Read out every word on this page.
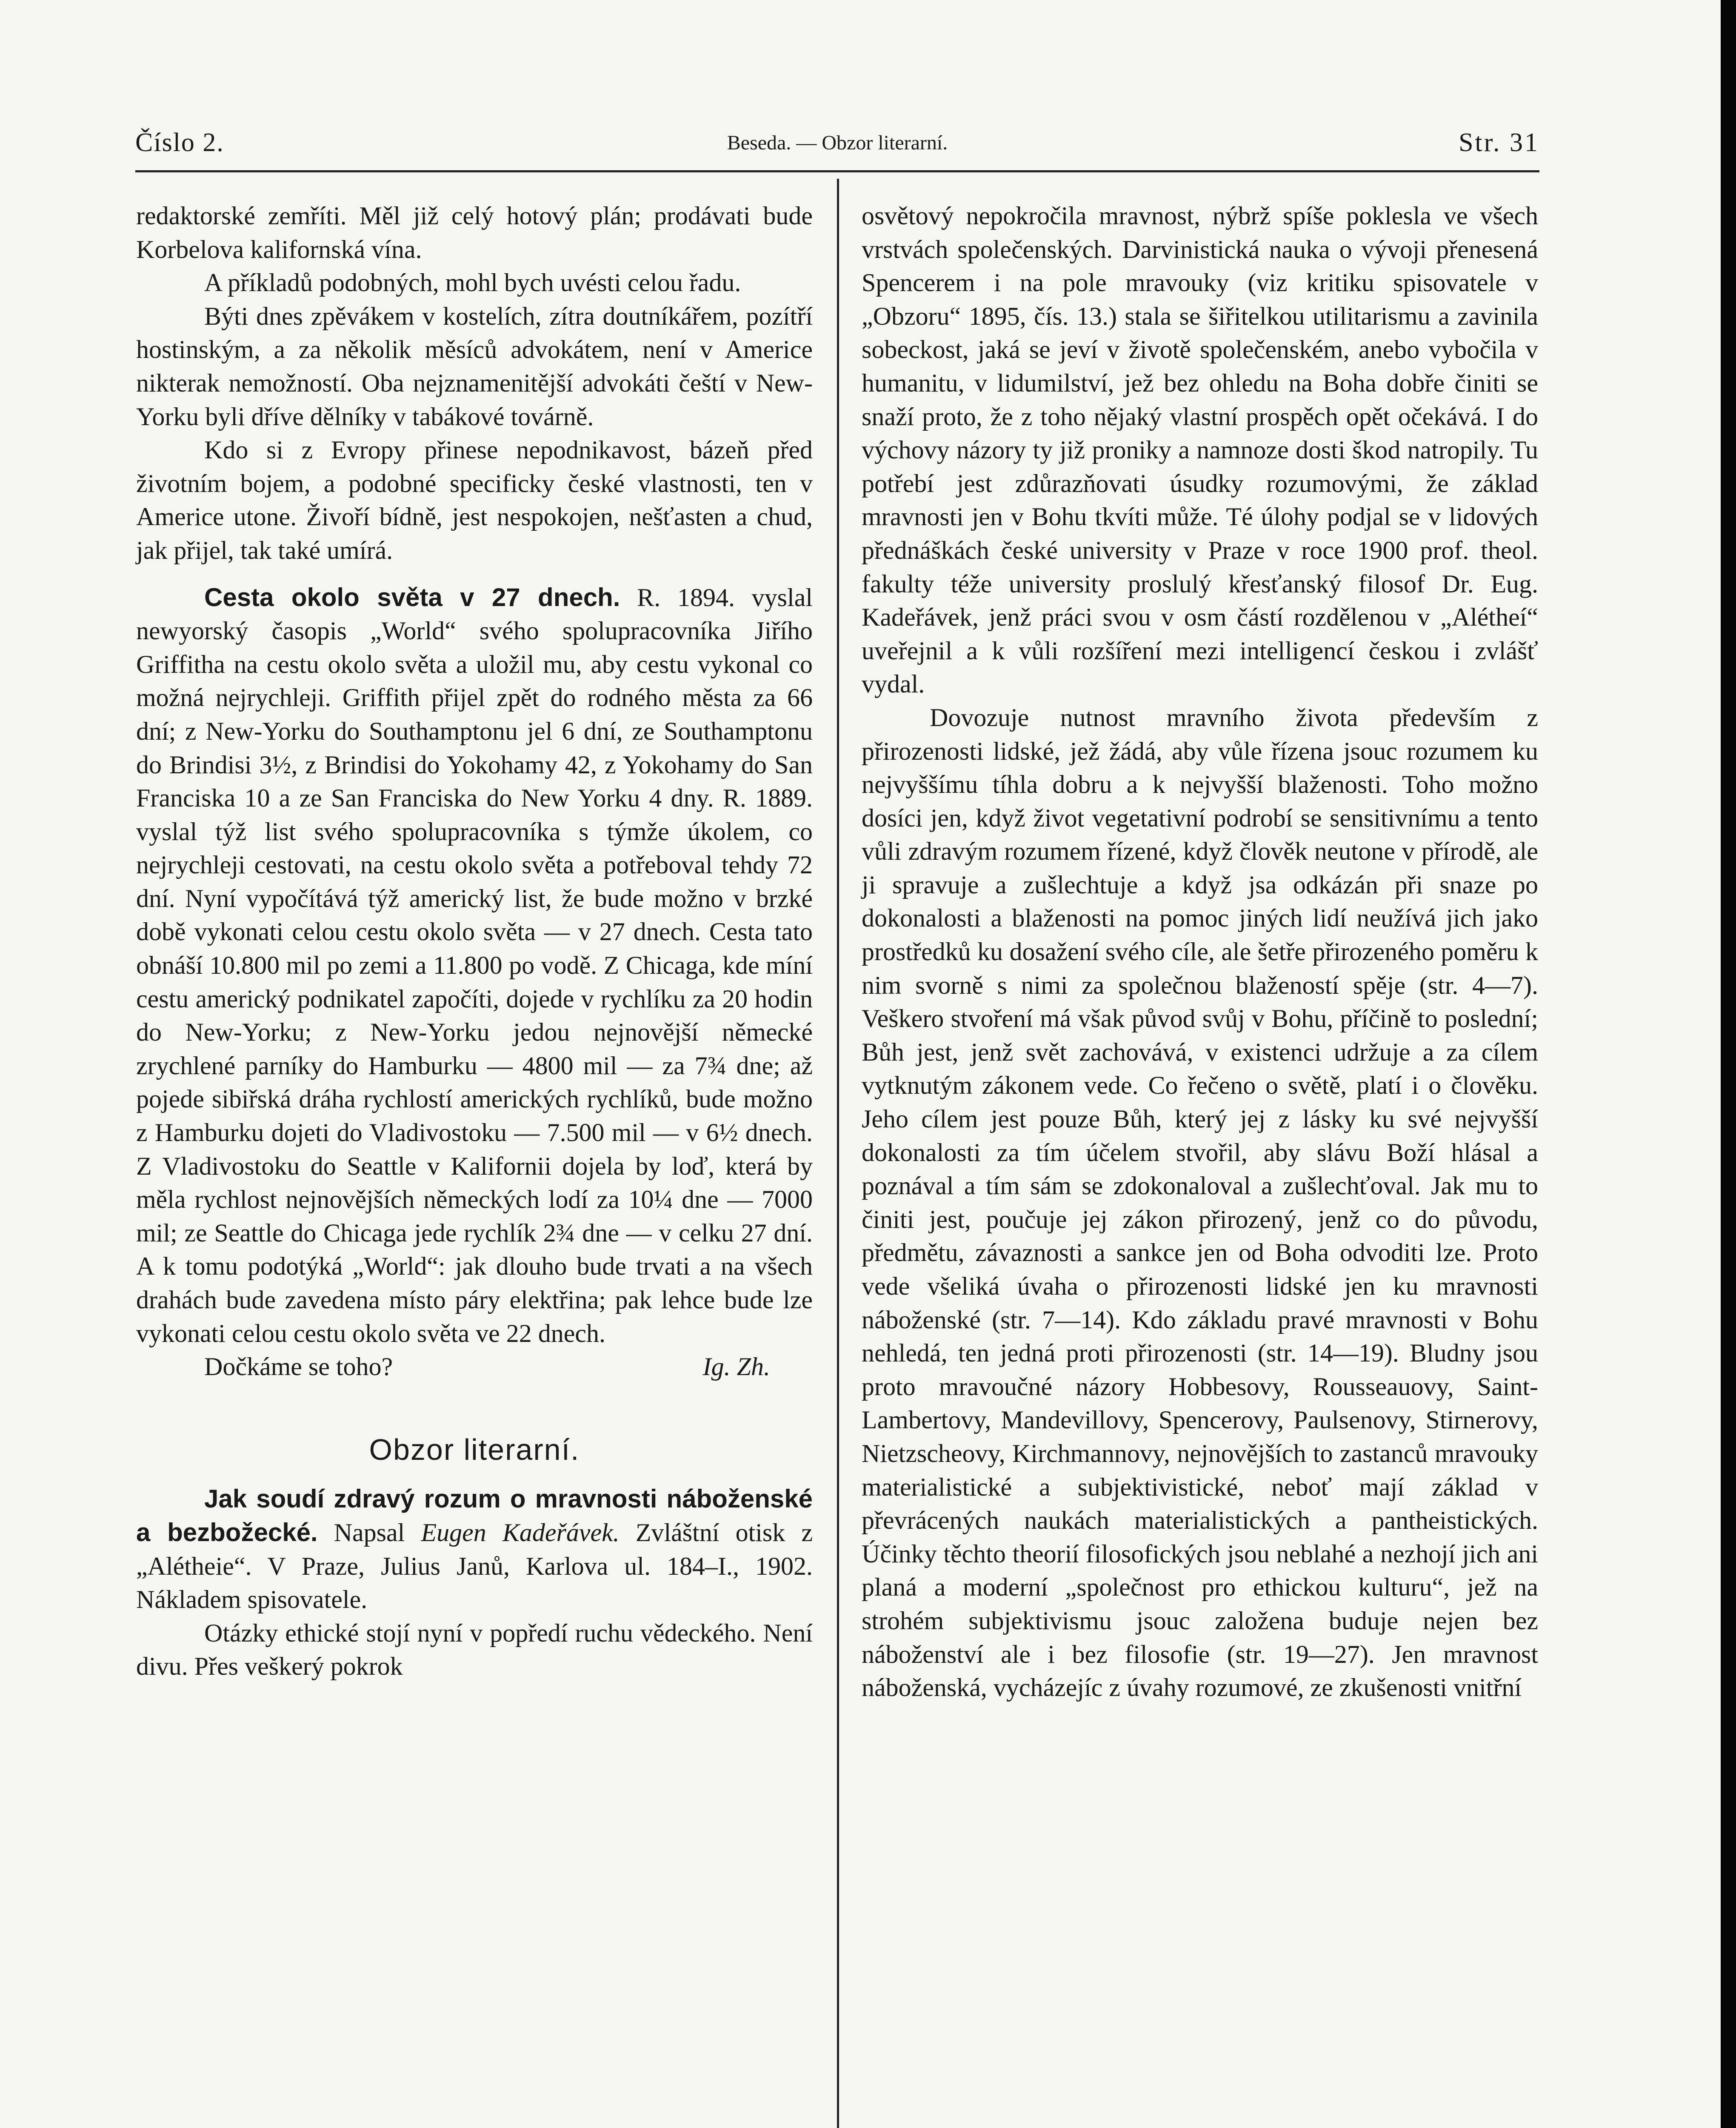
Číslo 2.	Beseda. — Obzor literarní.	Str. 31

redaktorské zemříti. Měl již celý hotový plán; prodávati bude Korbelova kalifornská vína.

A příkladů podobných, mohl bych uvésti celou řadu.

Býti dnes zpěvákem v kostelích, zítra doutníkářem, pozítří hostinským, a za několik měsíců advokátem, není v Americe nikterak nemožností. Oba nejznamenitější advokáti čeští v New-Yorku byli dříve dělníky v tabákové továrně.

Kdo si z Evropy přinese nepodnikavost, bázeň před životním bojem, a podobné specificky české vlastnosti, ten v Americe utone. Živoří bídně, jest nespokojen, nešťasten a chud, jak přijel, tak také umírá.

Cesta okolo světa v 27 dnech. R. 1894. vyslal newyorský časopis „World“ svého spolupracovníka Jiřího Griffitha na cestu okolo světa a uložil mu, aby cestu vykonal co možná nejrychleji. Griffith přijel zpět do rodného města za 66 dní; z New-Yorku do Southamptonu jel 6 dní, ze Southamptonu do Brindisi 3½, z Brindisi do Yokohamy 42, z Yokohamy do San Franciska 10 a ze San Franciska do New Yorku 4 dny. R. 1889. vyslal týž list svého spolupracovníka s týmže úkolem, co nejrychleji cestovati, na cestu okolo světa a potřeboval tehdy 72 dní. Nyní vypočítává týž americký list, že bude možno v brzké době vykonati celou cestu okolo světa — v 27 dnech. Cesta tato obnáší 10.800 mil po zemi a 11.800 po vodě. Z Chicaga, kde míní cestu americký podnikatel započíti, dojede v rychlíku za 20 hodin do New-Yorku; z New-Yorku jedou nejnovější německé zrychlené parníky do Hamburku — 4800 mil — za 7¾ dne; až pojede sibiřská dráha rychlostí amerických rychlíků, bude možno z Hamburku dojeti do Vladivostoku — 7.500 mil — v 6½ dnech. Z Vladivostoku do Seattle v Kalifornii dojela by loď, která by měla rychlost nejnovějších německých lodí za 10¼ dne — 7000 mil; ze Seattle do Chicaga jede rychlík 2¾ dne — v celku 27 dní. A k tomu podotýká „World“: jak dlouho bude trvati a na všech drahách bude zavedena místo páry elektřina; pak lehce bude lze vykonati celou cestu okolo světa ve 22 dnech.

Dočkáme se toho?	Ig. Zh.

Obzor literarní.

Jak soudí zdravý rozum o mravnosti náboženské a bezbožecké. Napsal Eugen Kadeřávek. Zvláštní otisk z „Alétheie“. V Praze, Julius Janů, Karlova ul. 184–I., 1902. Nákladem spisovatele.

Otázky ethické stojí nyní v popředí ruchu vědeckého. Není divu. Přes veškerý pokrok

osvětový nepokročila mravnost, nýbrž spíše poklesla ve všech vrstvách společenských. Darvinistická nauka o vývoji přenesená Spencerem i na pole mravouky (viz kritiku spisovatele v „Obzoru“ 1895, čís. 13.) stala se šiřitelkou utilitarismu a zavinila sobeckost, jaká se jeví v životě společenském, anebo vybočila v humanitu, v lidumilství, jež bez ohledu na Boha dobře činiti se snaží proto, že z toho nějaký vlastní prospěch opět očekává. I do výchovy názory ty již proniky a namnoze dosti škod natropily. Tu potřebí jest zdůrazňovati úsudky rozumovými, že základ mravnosti jen v Bohu tkvíti může. Té úlohy podjal se v lidových přednáškách české university v Praze v roce 1900 prof. theol. fakulty téže university proslulý křesťanský filosof Dr. Eug. Kadeřávek, jenž práci svou v osm částí rozdělenou v „Alétheí“ uveřejnil a k vůli rozšíření mezi intelligencí českou i zvlášť vydal.

Dovozuje nutnost mravního života především z přirozenosti lidské, jež žádá, aby vůle řízena jsouc rozumem ku nejvyššímu tíhla dobru a k nejvyšší blaženosti. Toho možno dosíci jen, když život vegetativní podrobí se sensitivnímu a tento vůli zdravým rozumem řízené, když člověk neutone v přírodě, ale ji spravuje a zušlechtuje a když jsa odkázán při snaze po dokonalosti a blaženosti na pomoc jiných lidí neužívá jich jako prostředků ku dosažení svého cíle, ale šetře přirozeného poměru k nim svorně s nimi za společnou blažeností spěje (str. 4—7). Veškero stvoření má však původ svůj v Bohu, příčině to poslední; Bůh jest, jenž svět zachovává, v existenci udržuje a za cílem vytknutým zákonem vede. Co řečeno o světě, platí i o člověku. Jeho cílem jest pouze Bůh, který jej z lásky ku své nejvyšší dokonalosti za tím účelem stvořil, aby slávu Boží hlásal a poznával a tím sám se zdokonaloval a zušlechťoval. Jak mu to činiti jest, poučuje jej zákon přirozený, jenž co do původu, předmětu, závaznosti a sankce jen od Boha odvoditi lze. Proto vede všeliká úvaha o přirozenosti lidské jen ku mravnosti náboženské (str. 7—14). Kdo základu pravé mravnosti v Bohu nehledá, ten jedná proti přirozenosti (str. 14—19). Bludny jsou proto mravoučné názory Hobbesovy, Rousseauovy, Saint-Lambertovy, Mandevillovy, Spencerovy, Paulsenovy, Stirnerovy, Nietzscheovy, Kirchmannovy, nejnovějších to zastanců mravouky materialistické a subjektivistické, neboť mají základ v převrácených naukách materialistických a pantheistických. Účinky těchto theorií filosofických jsou neblahé a nezhojí jich ani planá a moderní „společnost pro ethickou kulturu“, jež na strohém subjektivismu jsouc založena buduje nejen bez náboženství ale i bez filosofie (str. 19—27). Jen mravnost náboženská, vycházejíc z úvahy rozumové, ze zkušenosti vnitřní
